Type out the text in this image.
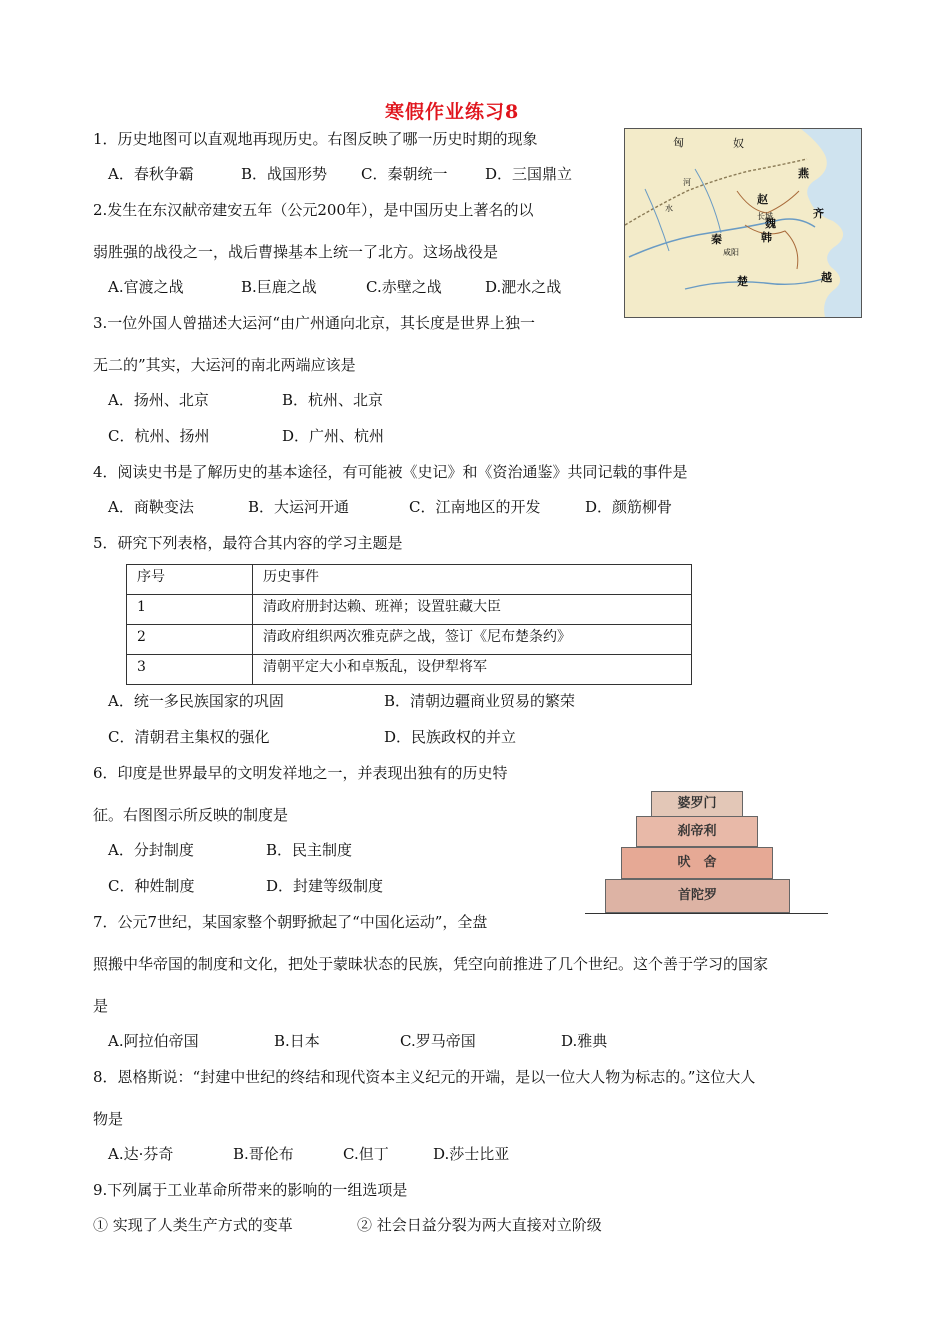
寒假作业练习8
1．历史地图可以直观地再现历史。右图反映了哪一历史时期的现象
A．春秋争霸	B．战国形势 C．秦朝统一	D．三国鼎立
匈	奴
燕
赵
齐
魏
韩
秦
楚	越
长城
咸阳
河
水
2.发生在东汉献帝建安五年（公元200年），是中国历史上著名的以
弱胜强的战役之一，战后曹操基本上统一了北方。这场战役是
A.官渡之战	B.巨鹿之战	C.赤壁之战	D.淝水之战
3.一位外国人曾描述大运河“由广州通向北京，其长度是世界上独一
无二的”其实，大运河的南北两端应该是
A．扬州、北京	B．杭州、北京
C．杭州、扬州	D．广州、杭州
4．阅读史书是了解历史的基本途径，有可能被《史记》和《资治通鉴》共同记载的事件是
A．商鞅变法	B．大运河开通	C．江南地区的开发	D．颜筋柳骨
5．研究下列表格，最符合其内容的学习主题是
序号	历史事件
1	清政府册封达赖、班禅；设置驻藏大臣
2	清政府组织两次雅克萨之战，签订《尼布楚条约》
3	清朝平定大小和卓叛乱，设伊犁将军
A．统一多民族国家的巩固	B．清朝边疆商业贸易的繁荣
C．清朝君主集权的强化	D．民族政权的并立
6．印度是世界最早的文明发祥地之一，并表现出独有的历史特
征。右图图示所反映的制度是
A．分封制度	B．民主制度
C．种姓制度	D．封建等级制度
婆罗门
刹帝利
吠　舍
首陀罗
7．公元7世纪，某国家整个朝野掀起了“中国化运动”，全盘
照搬中华帝国的制度和文化，把处于蒙昧状态的民族，凭空向前推进了几个世纪。这个善于学习的国家
是
A.阿拉伯帝国	B.日本	C.罗马帝国	D.雅典
8．恩格斯说：“封建中世纪的终结和现代资本主义纪元的开端，是以一位大人物为标志的。”这位大人
物是
A.达·芬奇	B.哥伦布	C.但丁	D.莎士比亚
9.下列属于工业革命所带来的影响的一组选项是
① 实现了人类生产方式的变革	② 社会日益分裂为两大直接对立阶级
